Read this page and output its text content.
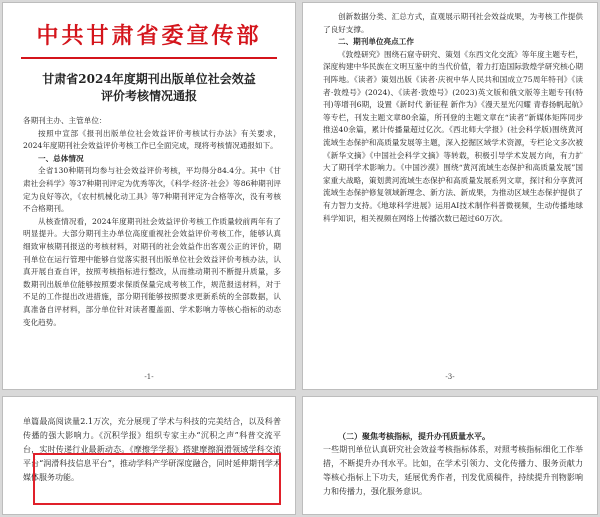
中共甘肃省委宣传部
甘肃省2024年度期刊出版单位社会效益
评价考核情况通报

各期刊主办、主管单位：

按照中宣部《报刊出版单位社会效益评价考核试行办法》有关要求，2024年度期刊社会效益评价考核工作已全面完成，现将考核情况通报如下。

一、总体情况

全省130种期刊均参与社会效益评价考核，平均得分84.4分。其中《甘肃社会科学》等37种期刊评定为优秀等次，《科学·经济·社会》等86种期刊评定为良好等次，《农村机械化动工具》等7种期刊评定为合格等次，没有考核不合格期刊。

从核查情况看，2024年度期刊社会效益评价考核工作质量较前两年有了明显提升。大部分期刊主办单位高度重视社会效益评价考核工作，能够认真细致审核期刊报送的考核材料，对期刊的社会效益作出客观公正的评价，期刊单位在运行管理中能够自觉落实报刊出版单位社会效益评价考核办法，认真开展自查自评，按照考核指标进行整改，从而推动期刊不断提升质量，多数期刊出版单位能够按照要求保质保量完成考核工作，规范报送材料，对于不足的工作提出改进措施，部分期刊能够按照要求更新系统的全部数据，认真准备自评材料，部分单位针对读者覆盖面、学术影响力等核心指标的动态变化趋势。

-1-

创新数据分类、汇总方式，直观展示期刊社会效益成果，为考核工作提供了良好支撑。

二、期刊单位亮点工作

《敦煌研究》围绕石窟寺研究、策划《东西文化交流》等年度主题专栏，深度构建中华民族在文明互鉴中的当代价值，着力打造国际敦煌学研究核心期刊阵地。《读者》策划出版《读者·庆祝中华人民共和国成立75周年特刊》《读者·敦煌号》(2024)、《读者·敦煌号》(2023)英文版和俄文版等主题专刊(特刊)等增刊6期，设置《新时代 新征程 新作为》《漫天星光闪耀 青春扬帆起航》等专栏，刊发主题文章80余篇，所刊登的主题文章在“读者”新媒体矩阵同步推送40余篇，累计传播量超过亿次。《西北师大学报》(社会科学版)围绕黄河流域生态保护和高质量发展等主题，深入挖掘区域学术资源，专栏论文多次被《新华文摘》《中国社会科学文摘》等转载，积极引导学术发展方向，有力扩大了期刊学术影响力。《中国沙漠》围绕“黄河流域生态保护和高质量发展”国家重大战略，策划黄河流域生态保护和高质量发展系列文章，探讨和分享黄河流域生态保护修复领域新理念、新方法、新成果，为推动区域生态保护提供了有力智力支持。《地球科学进展》运用AI技术制作科普微视频，生动传播地球科学知识，相关视频在网络上传播次数已超过60万次。

-3-

单篇最高阅读量2.1万次，充分展现了学术与科技的完美结合，以及科普传播的强大影响力。《沉积学报》组织专家主办“沉积之声”科普交流平台，实时传递行业最新动态。《摩擦学学报》搭建摩擦润滑领域学科交流平台“润滑科技信息平台”，推动学科产学研深度融合，同时延伸期刊学术媒体服务功能。

（二）聚焦考核指标，提升办刊质量水平。

一些期刊单位认真研究社会效益考核指标体系，对照考核指标细化工作举措，不断提升办刊水平。比如，在学术引领力、文化传播力、服务贡献力等核心指标上下功夫，延展优秀作者，刊发优质稿件，持续提升刊物影响力和传播力，强化服务意识。
